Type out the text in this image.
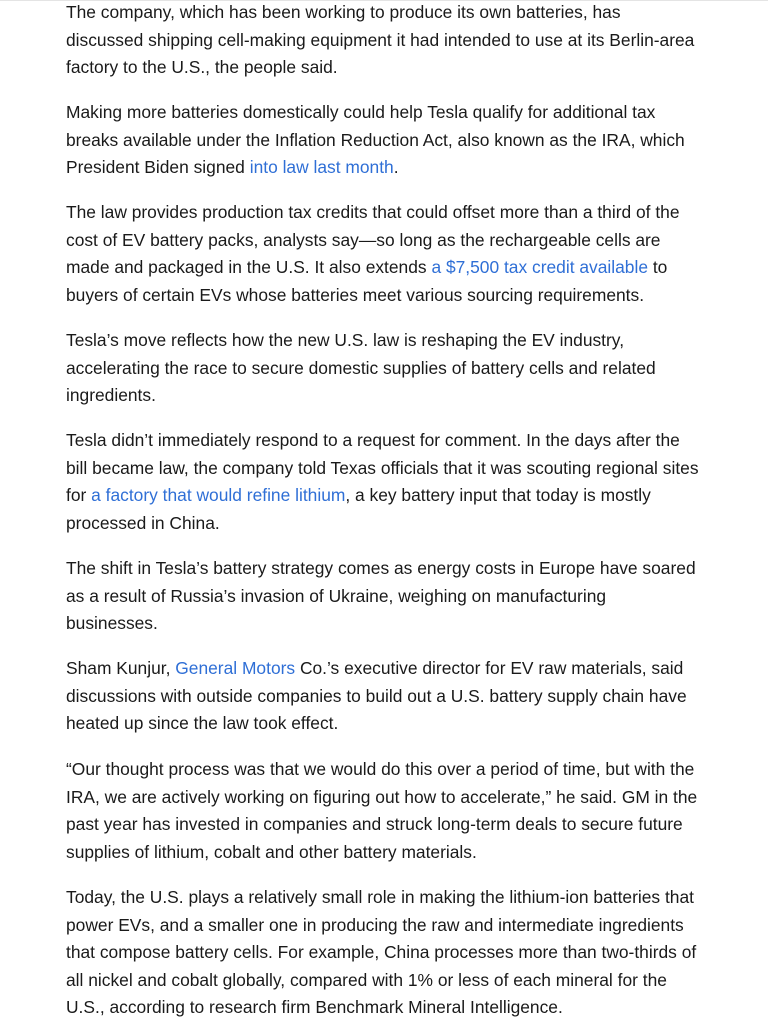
The company, which has been working to produce its own batteries, has discussed shipping cell-making equipment it had intended to use at its Berlin-area factory to the U.S., the people said.

Making more batteries domestically could help Tesla qualify for additional tax breaks available under the Inflation Reduction Act, also known as the IRA, which President Biden signed into law last month.

The law provides production tax credits that could offset more than a third of the cost of EV battery packs, analysts say—so long as the rechargeable cells are made and packaged in the U.S. It also extends a $7,500 tax credit available to buyers of certain EVs whose batteries meet various sourcing requirements.

Tesla’s move reflects how the new U.S. law is reshaping the EV industry, accelerating the race to secure domestic supplies of battery cells and related ingredients.

Tesla didn’t immediately respond to a request for comment. In the days after the bill became law, the company told Texas officials that it was scouting regional sites for a factory that would refine lithium, a key battery input that today is mostly processed in China.

The shift in Tesla’s battery strategy comes as energy costs in Europe have soared as a result of Russia’s invasion of Ukraine, weighing on manufacturing businesses.

Sham Kunjur, General Motors Co.’s executive director for EV raw materials, said discussions with outside companies to build out a U.S. battery supply chain have heated up since the law took effect.

“Our thought process was that we would do this over a period of time, but with the IRA, we are actively working on figuring out how to accelerate,” he said. GM in the past year has invested in companies and struck long-term deals to secure future supplies of lithium, cobalt and other battery materials.

Today, the U.S. plays a relatively small role in making the lithium-ion batteries that power EVs, and a smaller one in producing the raw and intermediate ingredients that compose battery cells. For example, China processes more than two-thirds of all nickel and cobalt globally, compared with 1% or less of each mineral for the U.S., according to research firm Benchmark Mineral Intelligence.
